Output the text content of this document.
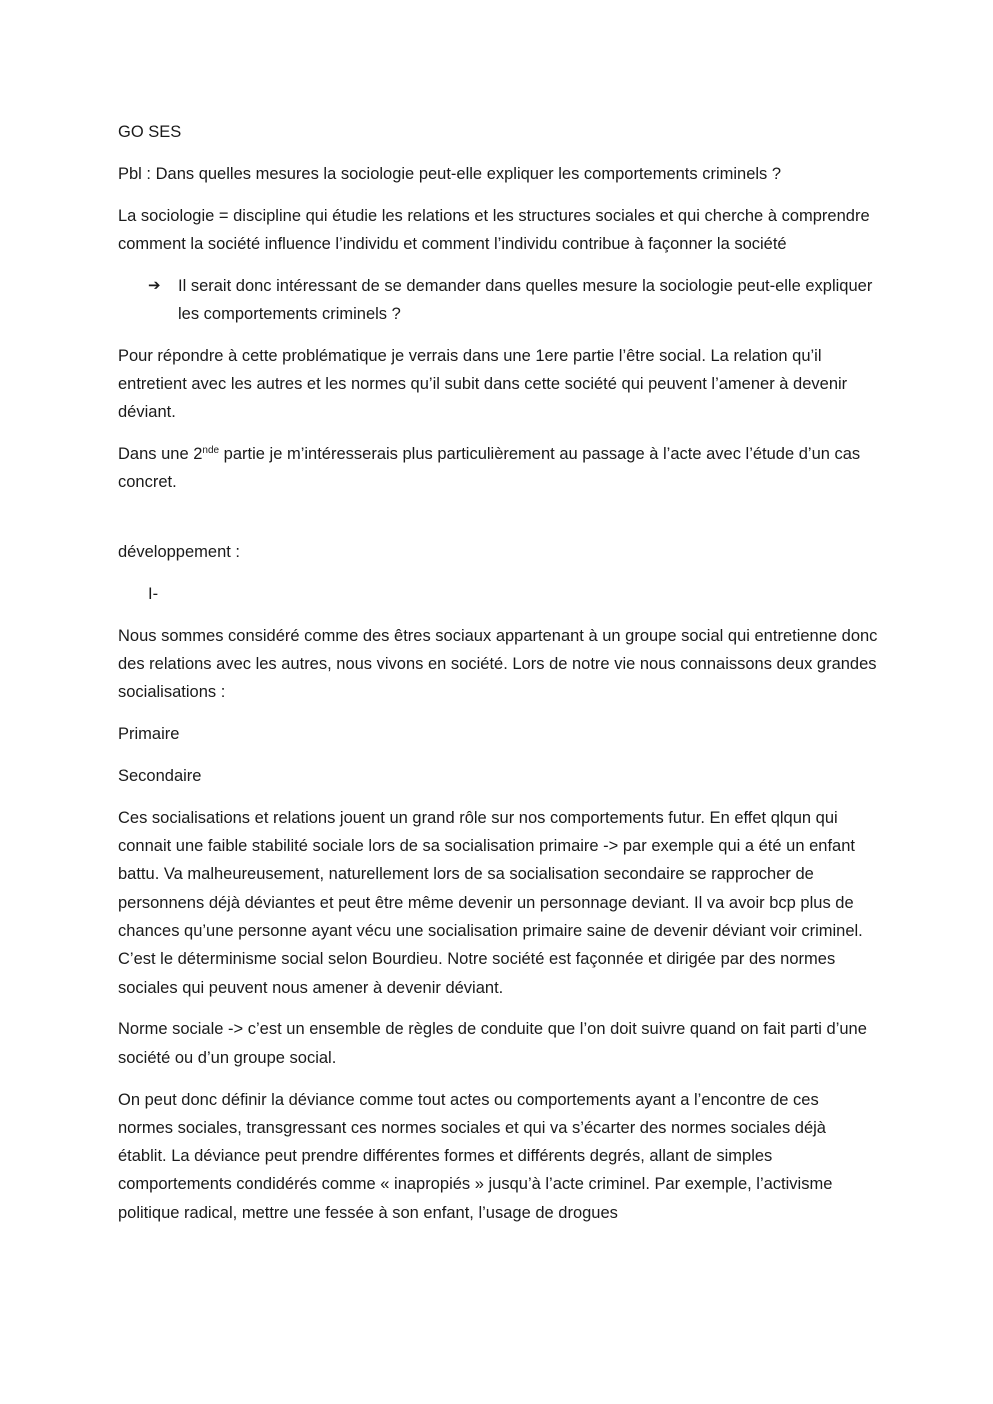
GO SES

Pbl : Dans quelles mesures la sociologie peut-elle expliquer les comportements criminels ?

La sociologie = discipline qui étudie les relations et les structures sociales et qui cherche à comprendre comment la société influence l’individu et comment l’individu contribue à façonner la société

➔	Il serait donc intéressant de se demander dans quelles mesure la sociologie peut-elle expliquer les comportements criminels ?

Pour répondre à cette problématique je verrais dans une 1ere partie l’être social. La relation qu’il entretient avec les autres et les normes qu’il subit dans cette société qui peuvent l’amener à devenir déviant.

Dans une 2nde partie je m’intéresserais plus particulièrement au passage à l’acte avec l’étude d’un cas concret.

développement :

I-

Nous sommes considéré comme des êtres sociaux appartenant à un groupe social qui entretienne donc des relations avec les autres, nous vivons en société. Lors de notre vie nous connaissons deux grandes socialisations :

Primaire

Secondaire

Ces socialisations et relations jouent un grand rôle sur nos comportements futur. En effet qlqun qui connait une faible stabilité sociale lors de sa socialisation primaire -> par exemple qui a été un enfant battu. Va malheureusement, naturellement lors de sa socialisation secondaire se rapprocher de personnens déjà déviantes et peut être même devenir un personnage deviant. Il va avoir bcp plus de chances qu’une personne ayant vécu une socialisation primaire saine de devenir déviant voir criminel. C’est le déterminisme social selon Bourdieu. Notre société est façonnée et dirigée par des normes sociales qui peuvent nous amener à devenir déviant.

Norme sociale -> c’est un ensemble de règles de conduite que l’on doit suivre quand on fait parti d’une société ou d’un groupe social.

On peut donc définir la déviance comme tout actes ou comportements ayant a l’encontre de ces normes sociales, transgressant ces normes sociales et qui va s’écarter des normes sociales déjà établit. La déviance peut prendre différentes formes et différents degrés, allant de simples comportements condidérés comme « inapropiés » jusqu’à l’acte criminel. Par exemple, l’activisme politique radical, mettre une fessée à son enfant, l’usage de drogues
